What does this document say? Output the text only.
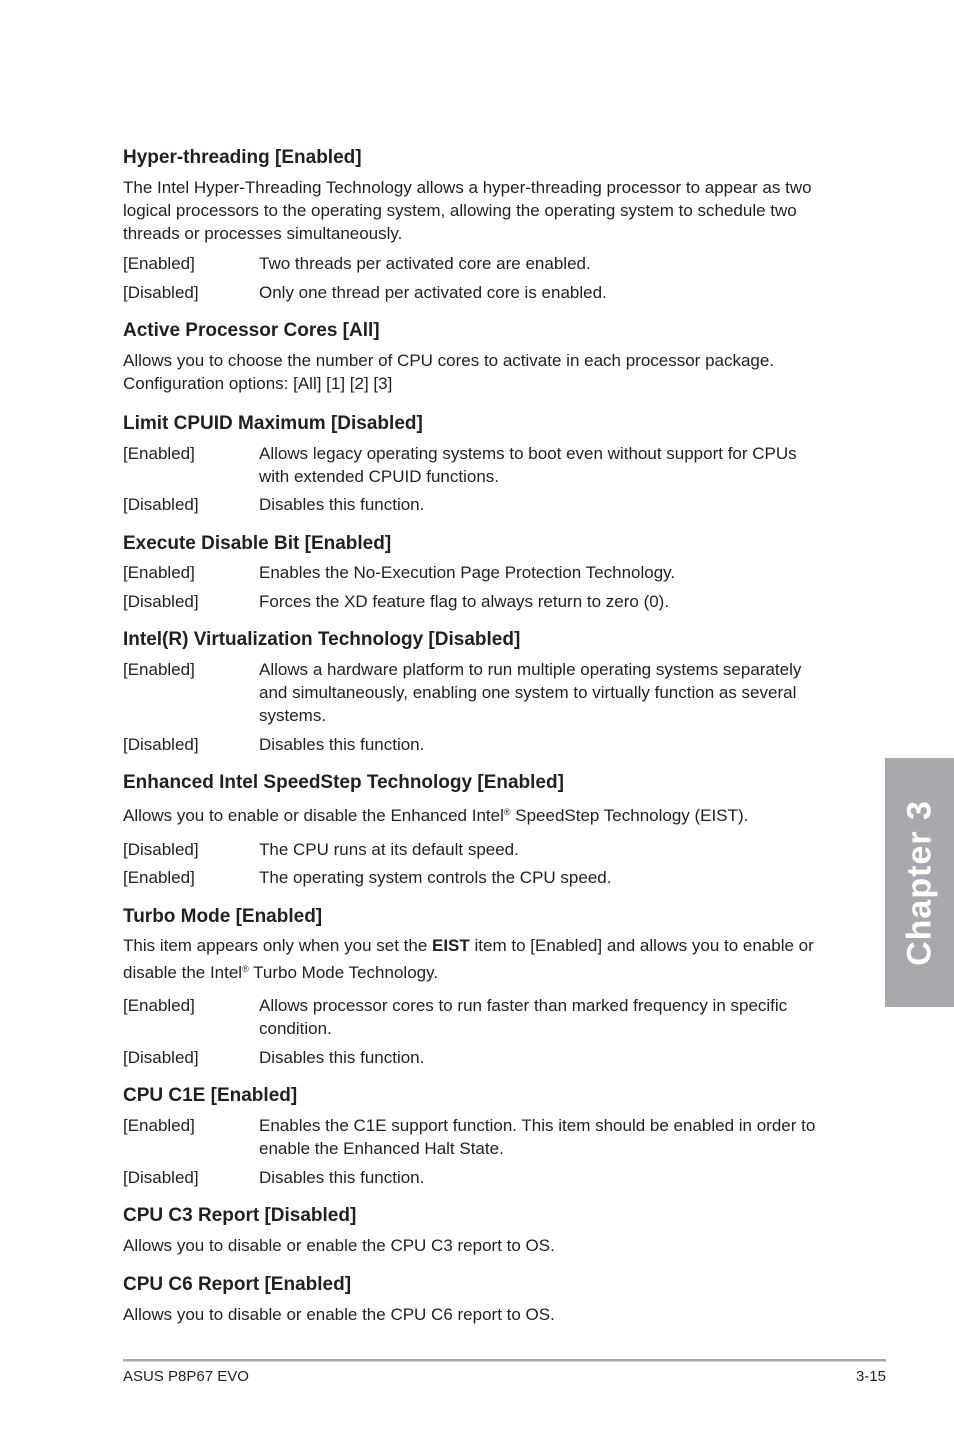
Hyper-threading [Enabled]
The Intel Hyper-Threading Technology allows a hyper-threading processor to appear as two
logical processors to the operating system, allowing the operating system to schedule two
threads or processes simultaneously.
[Enabled]	Two threads per activated core are enabled.
[Disabled]	Only one thread per activated core is enabled.
Active Processor Cores [All]
Allows you to choose the number of CPU cores to activate in each processor package.
Configuration options: [All] [1] [2] [3]
Limit CPUID Maximum [Disabled]
[Enabled]	Allows legacy operating systems to boot even without support for CPUs
with extended CPUID functions.
[Disabled]	Disables this function.
Execute Disable Bit [Enabled]
[Enabled]	Enables the No-Execution Page Protection Technology.
[Disabled]	Forces the XD feature flag to always return to zero (0).
Intel(R) Virtualization Technology [Disabled]
[Enabled]	Allows a hardware platform to run multiple operating systems separately
and simultaneously, enabling one system to virtually function as several
systems.
[Disabled]	Disables this function.
Enhanced Intel SpeedStep Technology [Enabled]
Allows you to enable or disable the Enhanced Intel® SpeedStep Technology (EIST).
[Disabled]	The CPU runs at its default speed.
[Enabled]	The operating system controls the CPU speed.
Turbo Mode [Enabled]
This item appears only when you set the EIST item to [Enabled] and allows you to enable or
disable the Intel® Turbo Mode Technology.
[Enabled]	Allows processor cores to run faster than marked frequency in specific
condition.
[Disabled]	Disables this function.
CPU C1E [Enabled]
[Enabled]	Enables the C1E support function. This item should be enabled in order to
enable the Enhanced Halt State.
[Disabled]	Disables this function.
CPU C3 Report [Disabled]
Allows you to disable or enable the CPU C3 report to OS.
CPU C6 Report [Enabled]
Allows you to disable or enable the CPU C6 report to OS.
Chapter 3
ASUS P8P67 EVO	3-15
